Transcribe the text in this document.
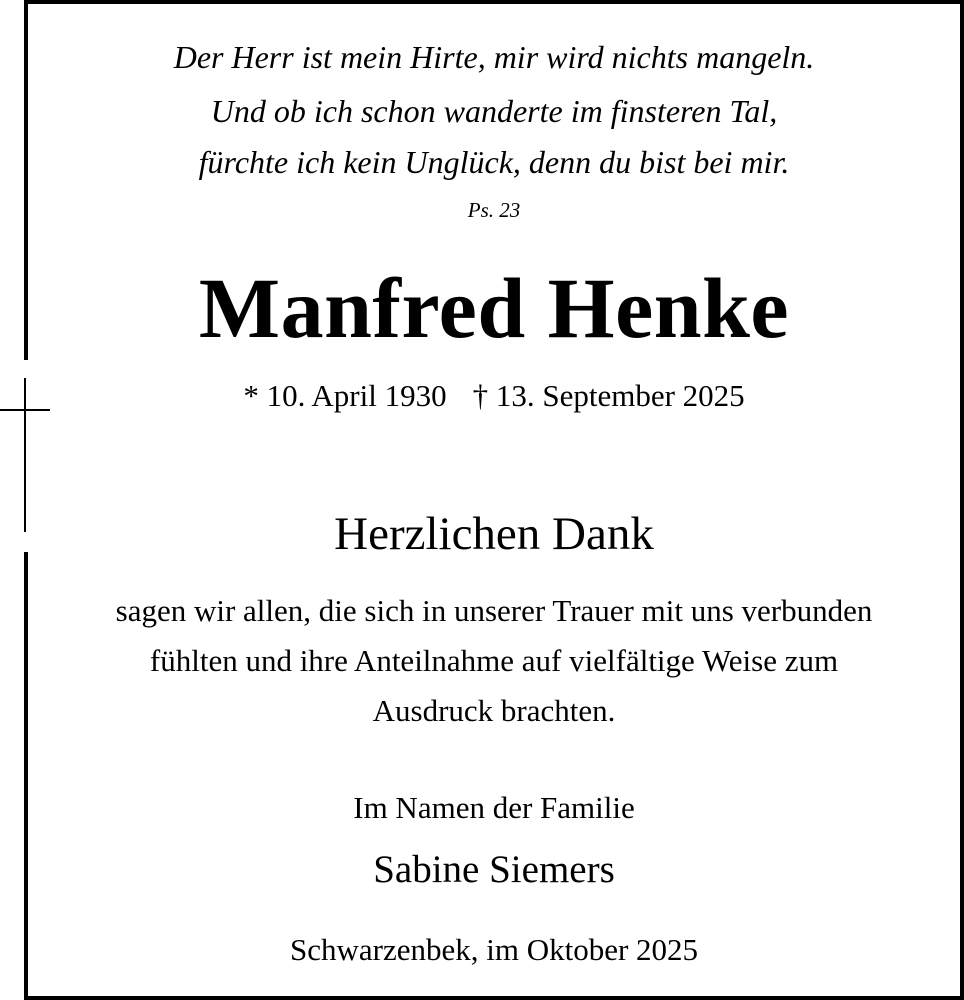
Der Herr ist mein Hirte, mir wird nichts mangeln.
Und ob ich schon wanderte im finsteren Tal,
fürchte ich kein Unglück, denn du bist bei mir.
Ps. 23
Manfred Henke
* 10. April 1930 † 13. September 2025
Herzlichen Dank
sagen wir allen, die sich in unserer Trauer mit uns verbunden
fühlten und ihre Anteilnahme auf vielfältige Weise zum
Ausdruck brachten.
Im Namen der Familie
Sabine Siemers
Schwarzenbek, im Oktober 2025
